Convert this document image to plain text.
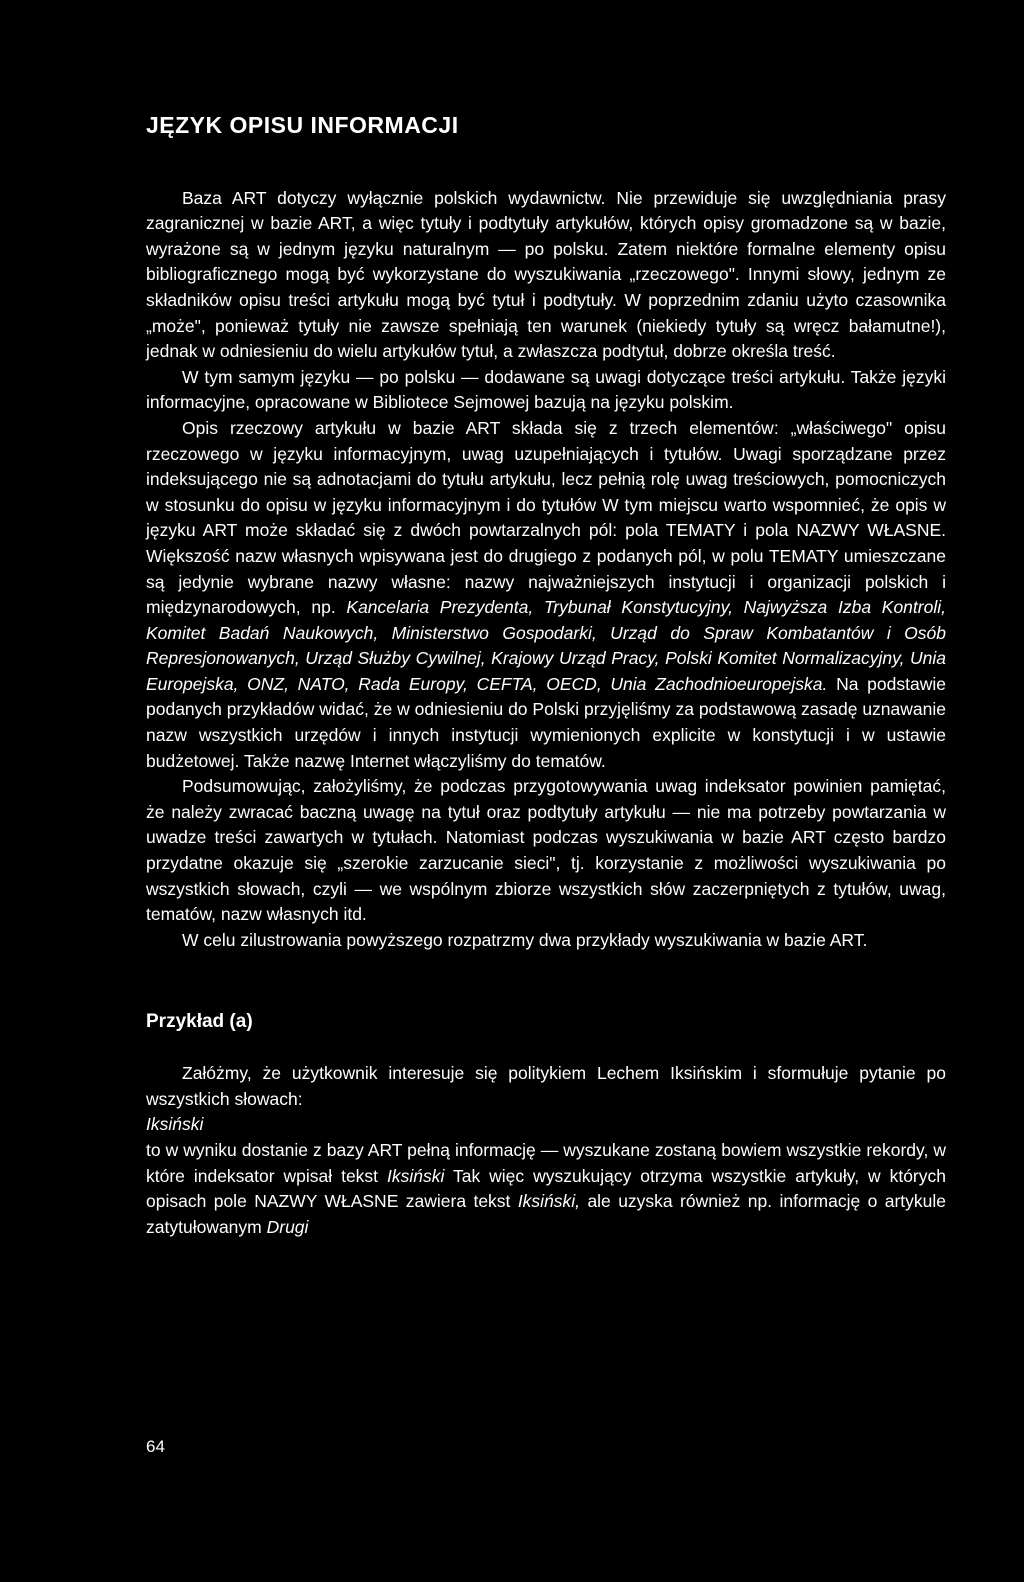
JĘZYK OPISU INFORMACJI

Baza ART dotyczy wyłącznie polskich wydawnictw. Nie przewiduje się uwzględniania prasy zagranicznej w bazie ART, a więc tytuły i podtytuły artykułów, których opisy gromadzone są w bazie, wyrażone są w jednym języku naturalnym — po polsku. Zatem niektóre formalne elementy opisu bibliograficznego mogą być wykorzystane do wyszukiwania „rzeczowego". Innymi słowy, jednym ze składników opisu treści artykułu mogą być tytuł i podtytuły. W poprzednim zdaniu użyto czasownika „może", ponieważ tytuły nie zawsze spełniają ten warunek (niekiedy tytuły są wręcz bałamutne!), jednak w odniesieniu do wielu artykułów tytuł, a zwłaszcza podtytuł, dobrze określa treść.

W tym samym języku — po polsku — dodawane są uwagi dotyczące treści artykułu. Także języki informacyjne, opracowane w Bibliotece Sejmowej bazują na języku polskim.

Opis rzeczowy artykułu w bazie ART składa się z trzech elementów: „właściwego" opisu rzeczowego w języku informacyjnym, uwag uzupełniających i tytułów. Uwagi sporządzane przez indeksującego nie są adnotacjami do tytułu artykułu, lecz pełnią rolę uwag treściowych, pomocniczych w stosunku do opisu w języku informacyjnym i do tytułów W tym miejscu warto wspomnieć, że opis w języku ART może składać się z dwóch powtarzalnych pól: pola TEMATY i pola NAZWY WŁASNE. Większość nazw własnych wpisywana jest do drugiego z podanych pól, w polu TEMATY umieszczane są jedynie wybrane nazwy własne: nazwy najważniejszych instytucji i organizacji polskich i międzynarodowych, np. Kancelaria Prezydenta, Trybunał Konstytucyjny, Najwyższa Izba Kontroli, Komitet Badań Naukowych, Ministerstwo Gospodarki, Urząd do Spraw Kombatantów i Osób Represjonowanych, Urząd Służby Cywilnej, Krajowy Urząd Pracy, Polski Komitet Normalizacyjny, Unia Europejska, ONZ, NATO, Rada Europy, CEFTA, OECD, Unia Zachodnioeuropejska. Na podstawie podanych przykładów widać, że w odniesieniu do Polski przyjęliśmy za podstawową zasadę uznawanie nazw wszystkich urzędów i innych instytucji wymienionych explicite w konstytucji i w ustawie budżetowej. Także nazwę Internet włączyliśmy do tematów.

Podsumowując, założyliśmy, że podczas przygotowywania uwag indeksator powinien pamiętać, że należy zwracać baczną uwagę na tytuł oraz podtytuły artykułu — nie ma potrzeby powtarzania w uwadze treści zawartych w tytułach. Natomiast podczas wyszukiwania w bazie ART często bardzo przydatne okazuje się „szerokie zarzucanie sieci", tj. korzystanie z możliwości wyszukiwania po wszystkich słowach, czyli — we wspólnym zbiorze wszystkich słów zaczerpniętych z tytułów, uwag, tematów, nazw własnych itd.

W celu zilustrowania powyższego rozpatrzmy dwa przykłady wyszukiwania w bazie ART.

Przykład (a)

Załóżmy, że użytkownik interesuje się politykiem Lechem Iksińskim i sformułuje pytanie po wszystkich słowach:

Iksiński

to w wyniku dostanie z bazy ART pełną informację — wyszukane zostaną bowiem wszystkie rekordy, w które indeksator wpisał tekst Iksiński Tak więc wyszukujący otrzyma wszystkie artykuły, w których opisach pole NAZWY WŁASNE zawiera tekst Iksiński, ale uzyska również np. informację o artykule zatytułowanym Drugi

64
